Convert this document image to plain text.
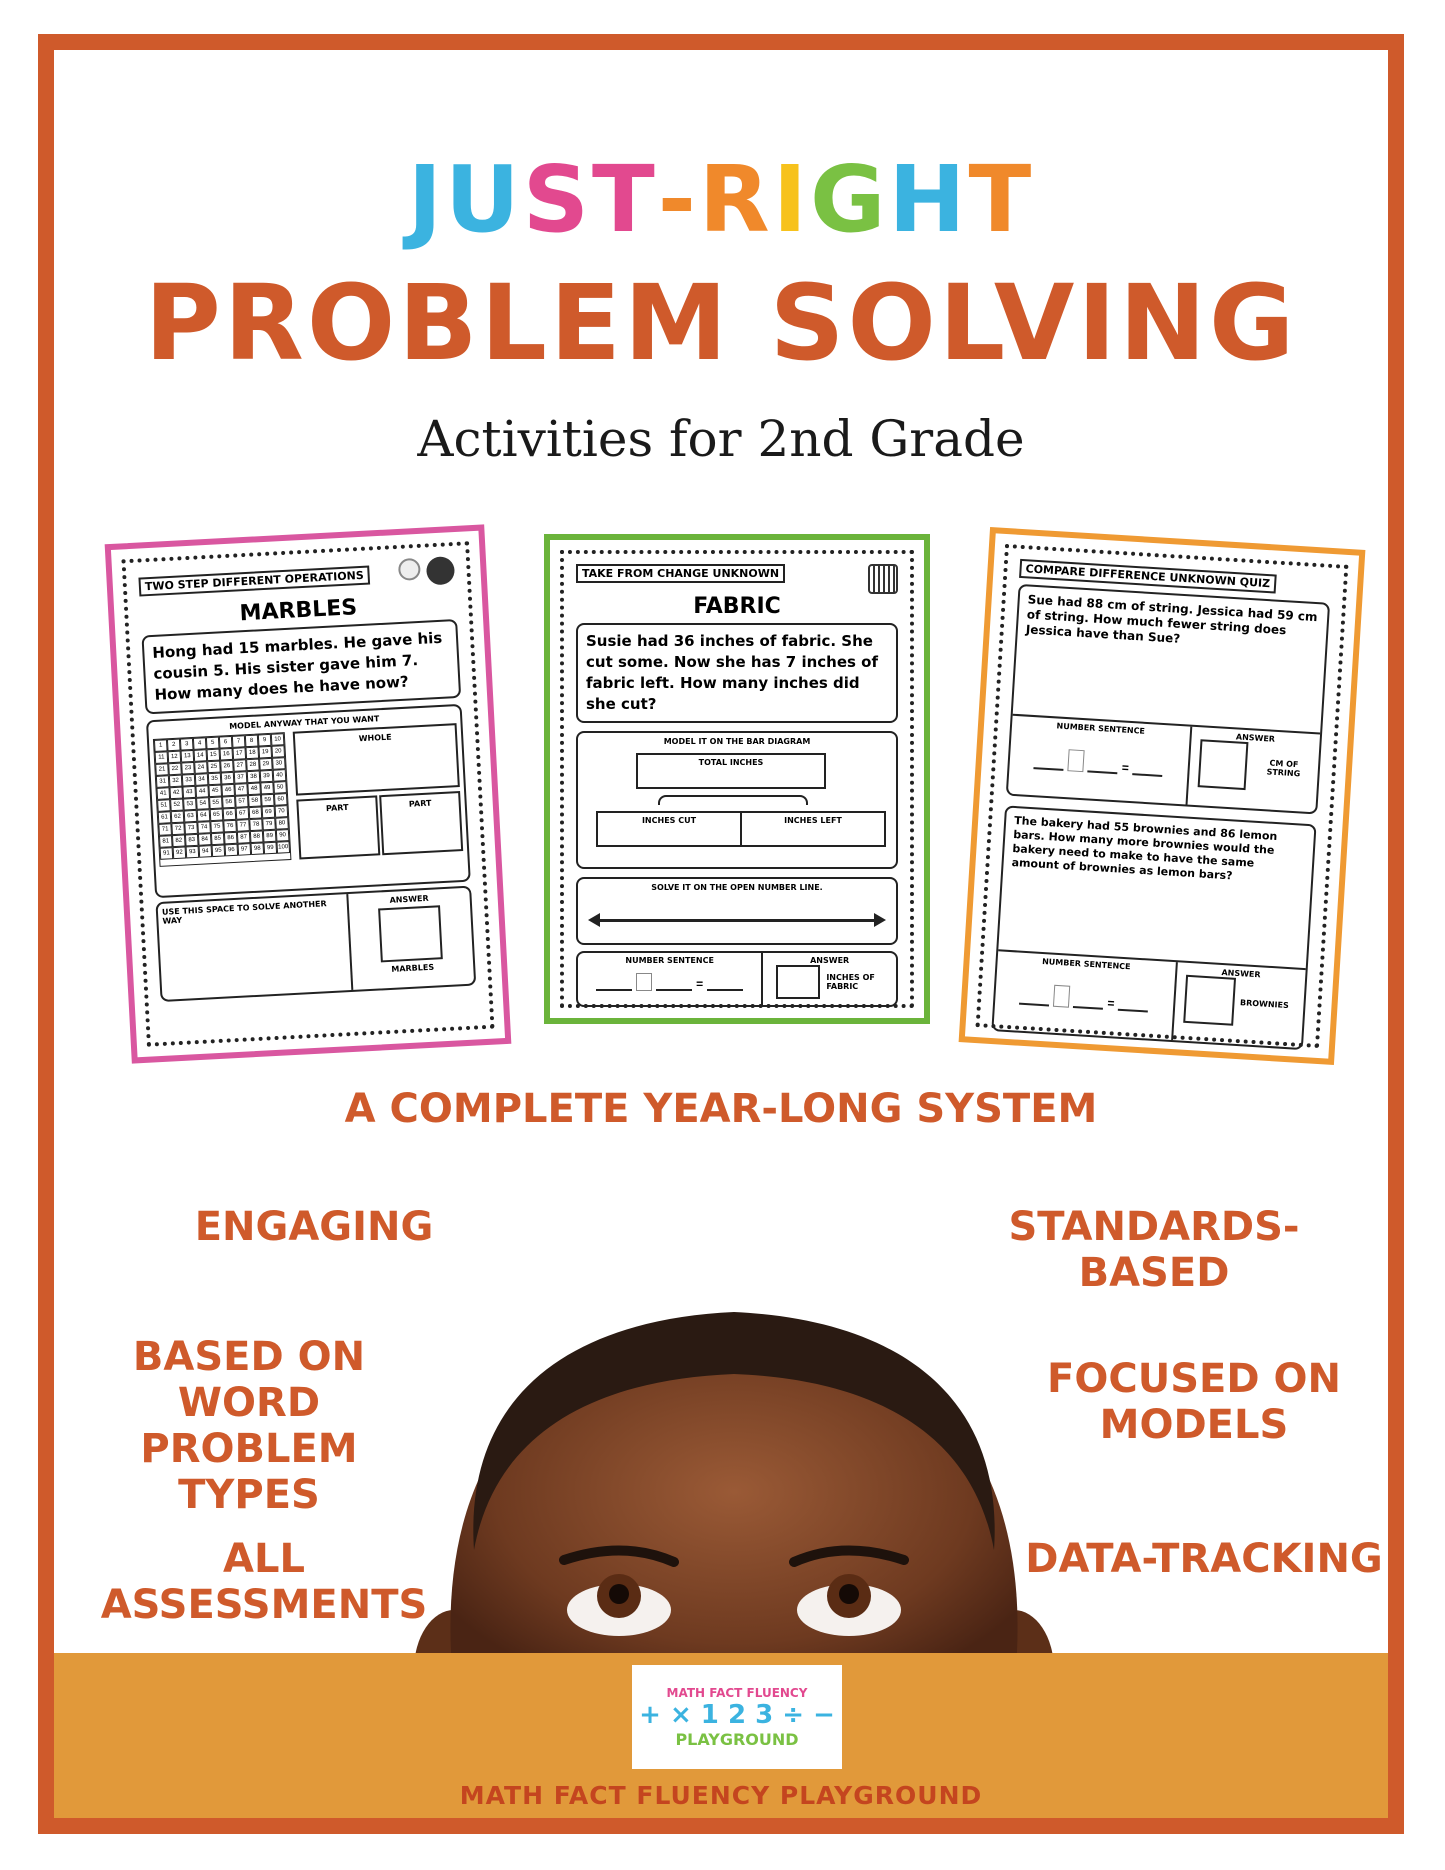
JUST-RIGHT
PROBLEM SOLVING
Activities for 2nd Grade
TWO STEP DIFFERENT OPERATIONS
MARBLES
Hong had 15 marbles. He gave his cousin 5. His sister gave him 7. How many does he have now?
MODEL ANYWAY THAT YOU WANT
1	2	3	4	5	6	7	8	9	10
11	12 13 14 15 16 17 18 19 20
21 22 23 24 25 26 27 28 29 30
31 32 33 34 35 36 37 38 39 40
41 42 43 44 45 46 47 48 49 50
51 52 53 54 55 56 57 58 59 60
61 62 63 64 65 66 67 68 69 70
71 72 73 74 75 76 77 78 79 80
81 82 83 84 85 86 87 88 89 90
91 92 93 94 95 96 97 98 99 100
WHOLE
PART	PART
USE THIS SPACE TO SOLVE ANOTHER WAY
ANSWER
MARBLES
TAKE FROM CHANGE UNKNOWN
FABRIC
Susie had 36 inches of fabric. She cut some. Now she has 7 inches of fabric left. How many inches did she cut?
MODEL IT ON THE BAR DIAGRAM
TOTAL INCHES
INCHES CUT	INCHES LEFT
SOLVE IT ON THE OPEN NUMBER LINE.
NUMBER SENTENCE
=
ANSWER
INCHES OF FABRIC
COMPARE DIFFERENCE UNKNOWN QUIZ
Sue had 88 cm of string. Jessica had 59 cm of string. How much fewer string does Jessica have than Sue?
NUMBER SENTENCE
=
ANSWER
CM OF STRING
The bakery had 55 brownies and 86 lemon bars. How many more brownies would the bakery need to make to have the same amount of brownies as lemon bars?
NUMBER SENTENCE
=
ANSWER
BROWNIES
A COMPLETE YEAR-LONG SYSTEM
ENGAGING	STANDARDS-BASED
BASED ON
WORD PROBLEM
TYPES
FOCUSED ON
MODELS
ALL ASSESSMENTS
DATA-TRACKING
MATH FACT FLUENCY
+ × 1 2 3 ÷ −
PLAYGROUND
MATH FACT FLUENCY PLAYGROUND
